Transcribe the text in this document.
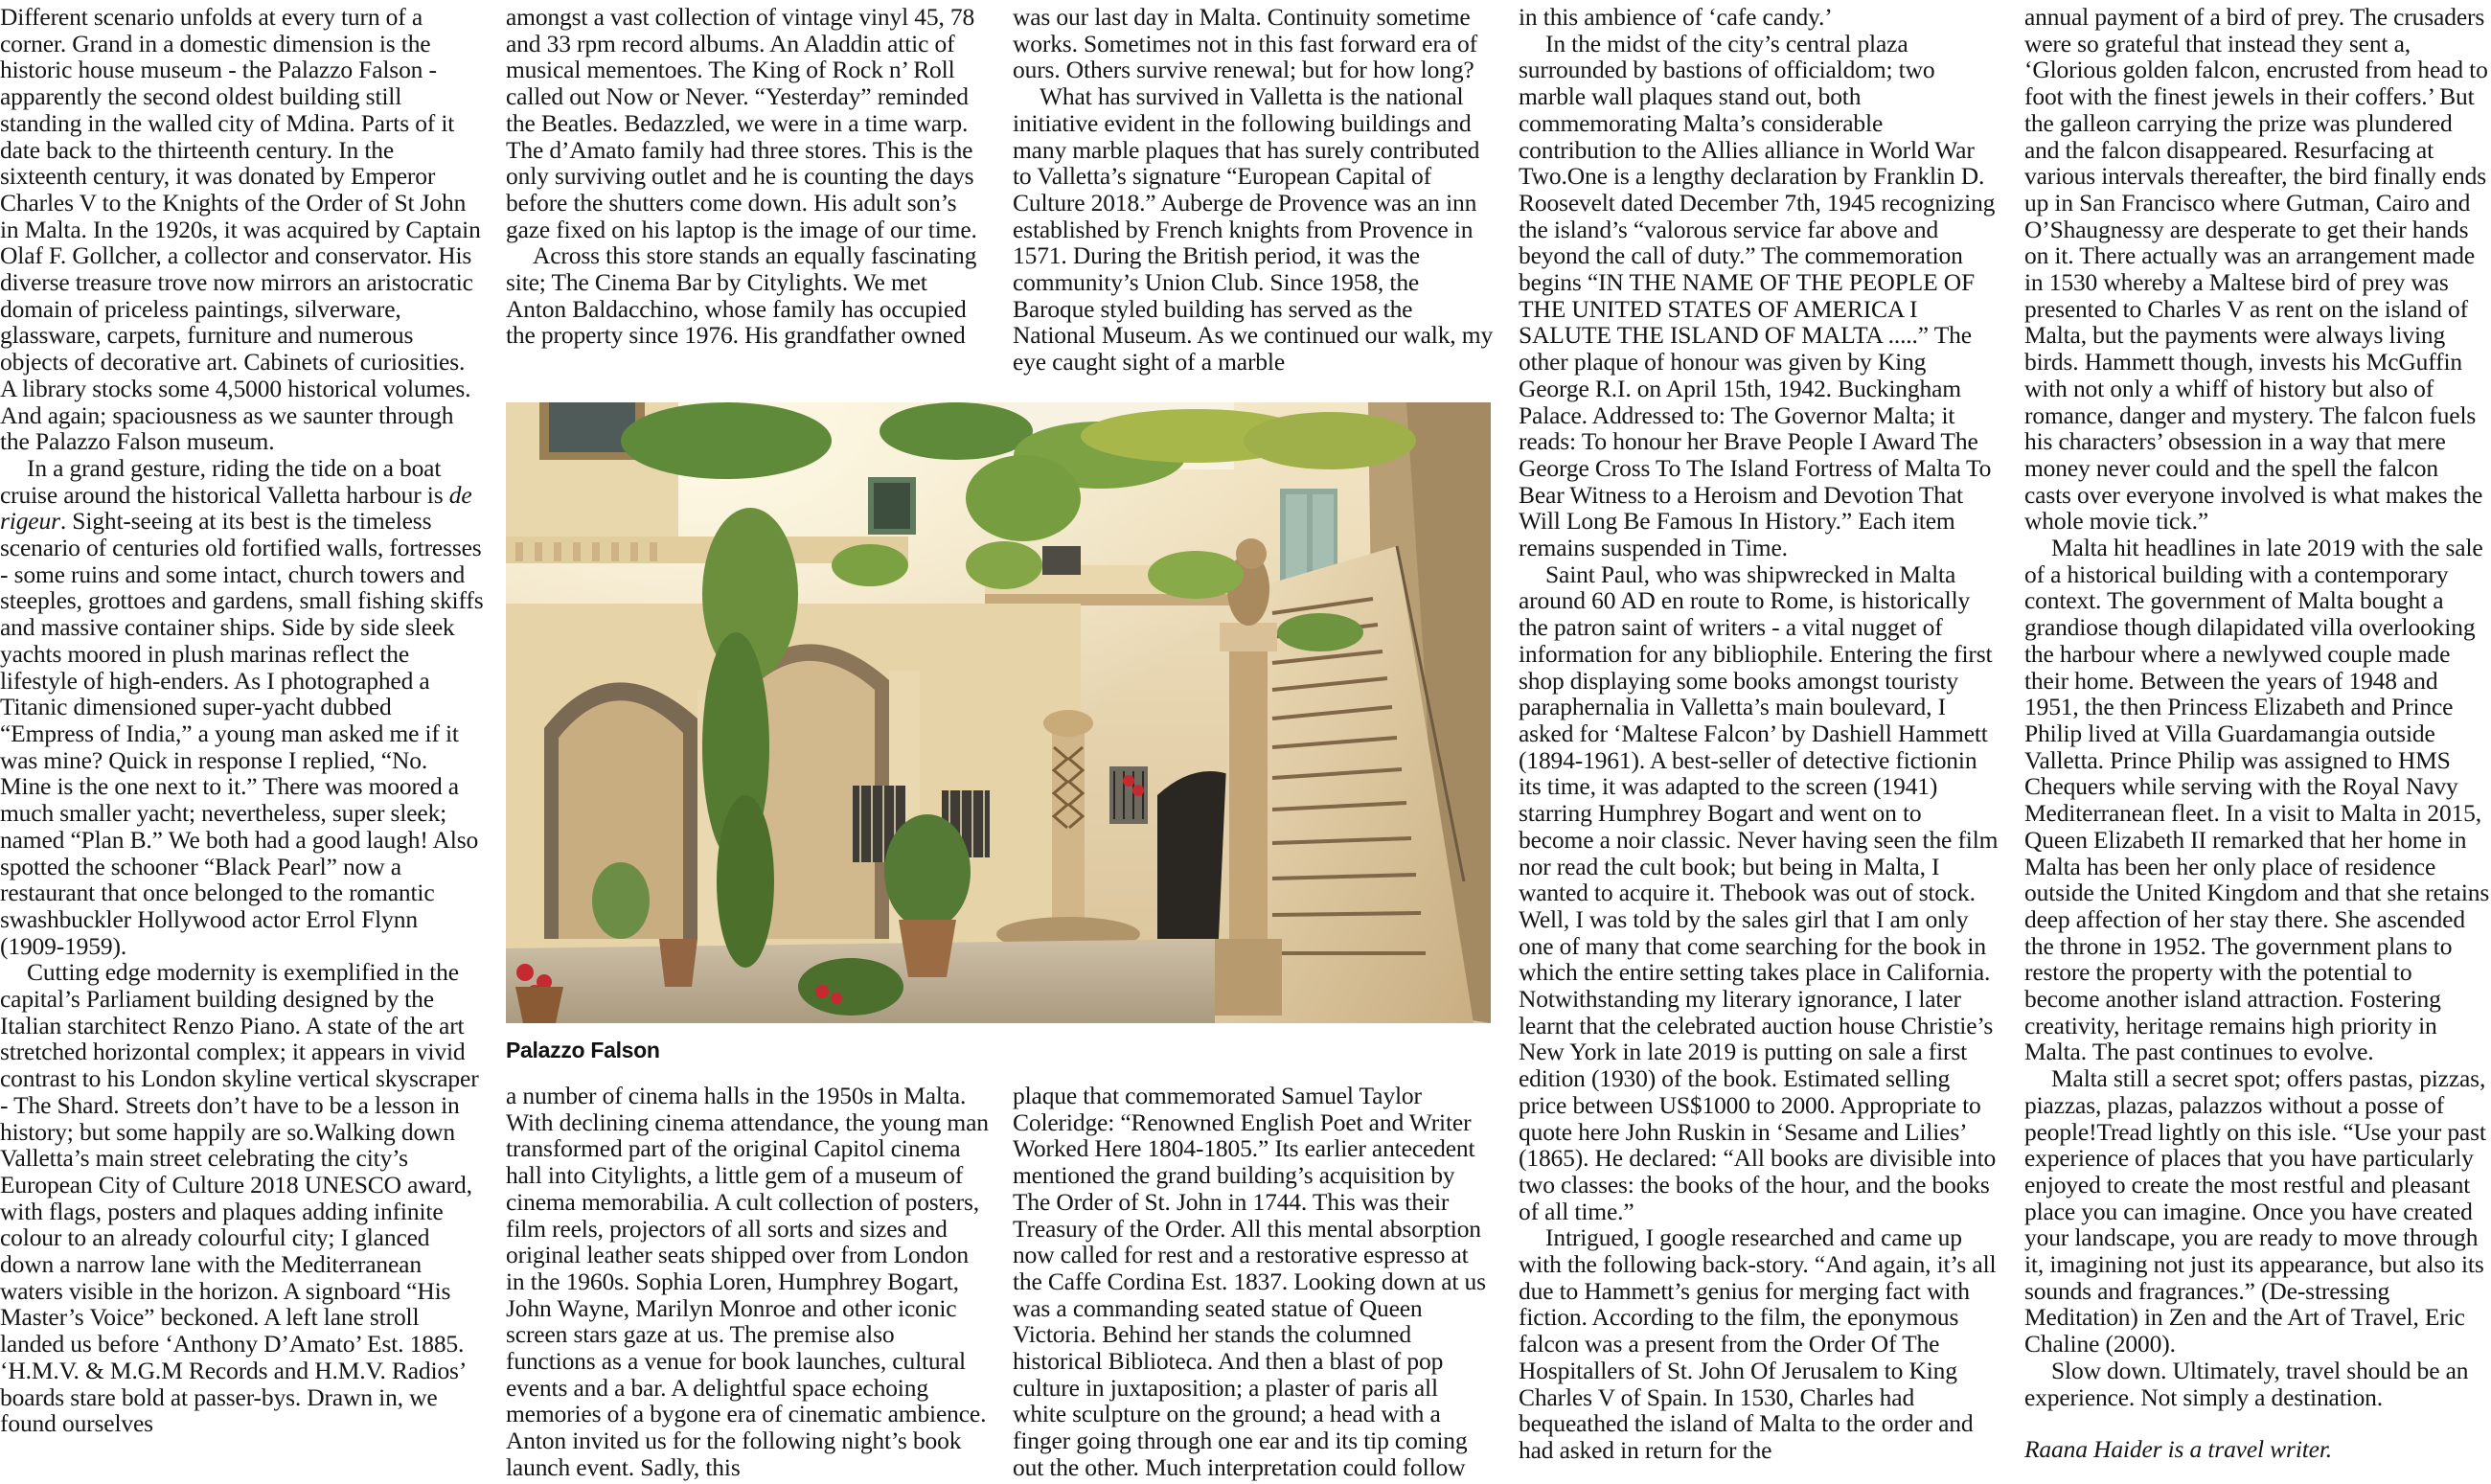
Different scenario unfolds at every turn of a corner. Grand in a domestic dimension is the historic house museum - the Palazzo Falson - apparently the second oldest building still standing in the walled city of Mdina. Parts of it date back to the thirteenth century. In the sixteenth century, it was donated by Emperor Charles V to the Knights of the Order of St John in Malta. In the 1920s, it was acquired by Captain Olaf F. Gollcher, a collector and conservator. His diverse treasure trove now mirrors an aristocratic domain of priceless paintings, silverware, glassware, carpets, furniture and numerous objects of decorative art. Cabinets of curiosities. A library stocks some 4,5000 historical volumes. And again; spaciousness as we saunter through the Palazzo Falson museum.

In a grand gesture, riding the tide on a boat cruise around the historical Valletta harbour is de rigeur. Sight-seeing at its best is the timeless scenario of centuries old fortified walls, fortresses - some ruins and some intact, church towers and steeples, grottoes and gardens, small fishing skiffs and massive container ships. Side by side sleek yachts moored in plush marinas reflect the lifestyle of high-enders. As I photographed a Titanic dimensioned super-yacht dubbed “Empress of India,” a young man asked me if it was mine? Quick in response I replied, “No. Mine is the one next to it.” There was moored a much smaller yacht; nevertheless, super sleek; named “Plan B.” We both had a good laugh! Also spotted the schooner “Black Pearl” now a restaurant that once belonged to the romantic swashbuckler Hollywood actor Errol Flynn (1909-1959).

Cutting edge modernity is exemplified in the capital’s Parliament building designed by the Italian starchitect Renzo Piano. A state of the art stretched horizontal complex; it appears in vivid contrast to his London skyline vertical skyscraper - The Shard. Streets don’t have to be a lesson in history; but some happily are so.Walking down Valletta’s main street celebrating the city’s European City of Culture 2018 UNESCO award, with flags, posters and plaques adding infinite colour to an already colourful city; I glanced down a narrow lane with the Mediterranean waters visible in the horizon. A signboard “His Master’s Voice” beckoned. A left lane stroll landed us before ‘Anthony D’Amato’ Est. 1885. ‘H.M.V. & M.G.M Records and H.M.V. Radios’ boards stare bold at passer-bys. Drawn in, we found ourselves

amongst a vast collection of vintage vinyl 45, 78 and 33 rpm record albums. An Aladdin attic of musical mementoes. The King of Rock n’ Roll called out Now or Never. “Yesterday” reminded the Beatles. Bedazzled, we were in a time warp. The d’Amato family had three stores. This is the only surviving outlet and he is counting the days before the shutters come down. His adult son’s gaze fixed on his laptop is the image of our time.

Across this store stands an equally fascinating site; The Cinema Bar by Citylights. We met Anton Baldacchino, whose family has occupied the property since 1976. His grandfather owned

a number of cinema halls in the 1950s in Malta. With declining cinema attendance, the young man transformed part of the original Capitol cinema hall into Citylights, a little gem of a museum of cinema memorabilia. A cult collection of posters, film reels, projectors of all sorts and sizes and original leather seats shipped over from London in the 1960s. Sophia Loren, Humphrey Bogart, John Wayne, Marilyn Monroe and other iconic screen stars gaze at us. The premise also functions as a venue for book launches, cultural events and a bar. A delightful space echoing memories of a bygone era of cinematic ambience. Anton invited us for the following night’s book launch event. Sadly, this

was our last day in Malta. Continuity sometime works. Sometimes not in this fast forward era of ours. Others survive renewal; but for how long?

What has survived in Valletta is the national initiative evident in the following buildings and many marble plaques that has surely contributed to Valletta’s signature “European Capital of Culture 2018.” Auberge de Provence was an inn established by French knights from Provence in 1571. During the British period, it was the community’s Union Club. Since 1958, the Baroque styled building has served as the National Museum. As we continued our walk, my eye caught sight of a marble

plaque that commemorated Samuel Taylor Coleridge: “Renowned English Poet and Writer Worked Here 1804-1805.” Its earlier antecedent mentioned the grand building’s acquisition by The Order of St. John in 1744. This was their Treasury of the Order. All this mental absorption now called for rest and a restorative espresso at the Caffe Cordina Est. 1837. Looking down at us was a commanding seated statue of Queen Victoria. Behind her stands the columned historical Biblioteca. And then a blast of pop culture in juxtaposition; a plaster of paris all white sculpture on the ground; a head with a finger going through one ear and its tip coming out the other. Much interpretation could follow

in this ambience of ‘cafe candy.’

In the midst of the city’s central plaza surrounded by bastions of officialdom; two marble wall plaques stand out, both commemorating Malta’s considerable contribution to the Allies alliance in World War Two.One is a lengthy declaration by Franklin D. Roosevelt dated December 7th, 1945 recognizing the island’s “valorous service far above and beyond the call of duty.” The commemoration begins “IN THE NAME OF THE PEOPLE OF THE UNITED STATES OF AMERICA I SALUTE THE ISLAND OF MALTA .....” The other plaque of honour was given by King George R.I. on April 15th, 1942. Buckingham Palace. Addressed to: The Governor Malta; it reads: To honour her Brave People I Award The George Cross To The Island Fortress of Malta To Bear Witness to a Heroism and Devotion That Will Long Be Famous In History.” Each item remains suspended in Time.

Saint Paul, who was shipwrecked in Malta around 60 AD en route to Rome, is historically the patron saint of writers - a vital nugget of information for any bibliophile. Entering the first shop displaying some books amongst touristy paraphernalia in Valletta’s main boulevard, I asked for ‘Maltese Falcon’ by Dashiell Hammett (1894-1961). A best-seller of detective fictionin its time, it was adapted to the screen (1941) starring Humphrey Bogart and went on to become a noir classic. Never having seen the film nor read the cult book; but being in Malta, I wanted to acquire it. Thebook was out of stock. Well, I was told by the sales girl that I am only one of many that come searching for the book in which the entire setting takes place in California. Notwithstanding my literary ignorance, I later learnt that the celebrated auction house Christie’s New York in late 2019 is putting on sale a first edition (1930) of the book. Estimated selling price between US$1000 to 2000. Appropriate to quote here John Ruskin in ‘Sesame and Lilies’ (1865). He declared: “All books are divisible into two classes: the books of the hour, and the books of all time.”

Intrigued, I google researched and came up with the following back-story. “And again, it’s all due to Hammett’s genius for merging fact with fiction. According to the film, the eponymous falcon was a present from the Order Of The Hospitallers of St. John Of Jerusalem to King Charles V of Spain. In 1530, Charles had bequeathed the island of Malta to the order and had asked in return for the

annual payment of a bird of prey. The crusaders were so grateful that instead they sent a, ‘Glorious golden falcon, encrusted from head to foot with the finest jewels in their coffers.’ But the galleon carrying the prize was plundered and the falcon disappeared. Resurfacing at various intervals thereafter, the bird finally ends up in San Francisco where Gutman, Cairo and O’Shaugnessy are desperate to get their hands on it. There actually was an arrangement made in 1530 whereby a Maltese bird of prey was presented to Charles V as rent on the island of Malta, but the payments were always living birds. Hammett though, invests his McGuffin with not only a whiff of history but also of romance, danger and mystery. The falcon fuels his characters’ obsession in a way that mere money never could and the spell the falcon casts over everyone involved is what makes the whole movie tick.”

Malta hit headlines in late 2019 with the sale of a historical building with a contemporary context. The government of Malta bought a grandiose though dilapidated villa overlooking the harbour where a newlywed couple made their home. Between the years of 1948 and 1951, the then Princess Elizabeth and Prince Philip lived at Villa Guardamangia outside Valletta. Prince Philip was assigned to HMS Chequers while serving with the Royal Navy Mediterranean fleet. In a visit to Malta in 2015, Queen Elizabeth II remarked that her home in Malta has been her only place of residence outside the United Kingdom and that she retains deep affection of her stay there. She ascended the throne in 1952. The government plans to restore the property with the potential to become another island attraction. Fostering creativity, heritage remains high priority in Malta. The past continues to evolve.

Malta still a secret spot; offers pastas, pizzas, piazzas, plazas, palazzos without a posse of people!Tread lightly on this isle. “Use your past experience of places that you have particularly enjoyed to create the most restful and pleasant place you can imagine. Once you have created your landscape, you are ready to move through it, imagining not just its appearance, but also its sounds and fragrances.” (De-stressing Meditation) in Zen and the Art of Travel, Eric Chaline (2000).

Slow down. Ultimately, travel should be an experience. Not simply a destination.

Raana Haider is a travel writer.

Palazzo Falson
